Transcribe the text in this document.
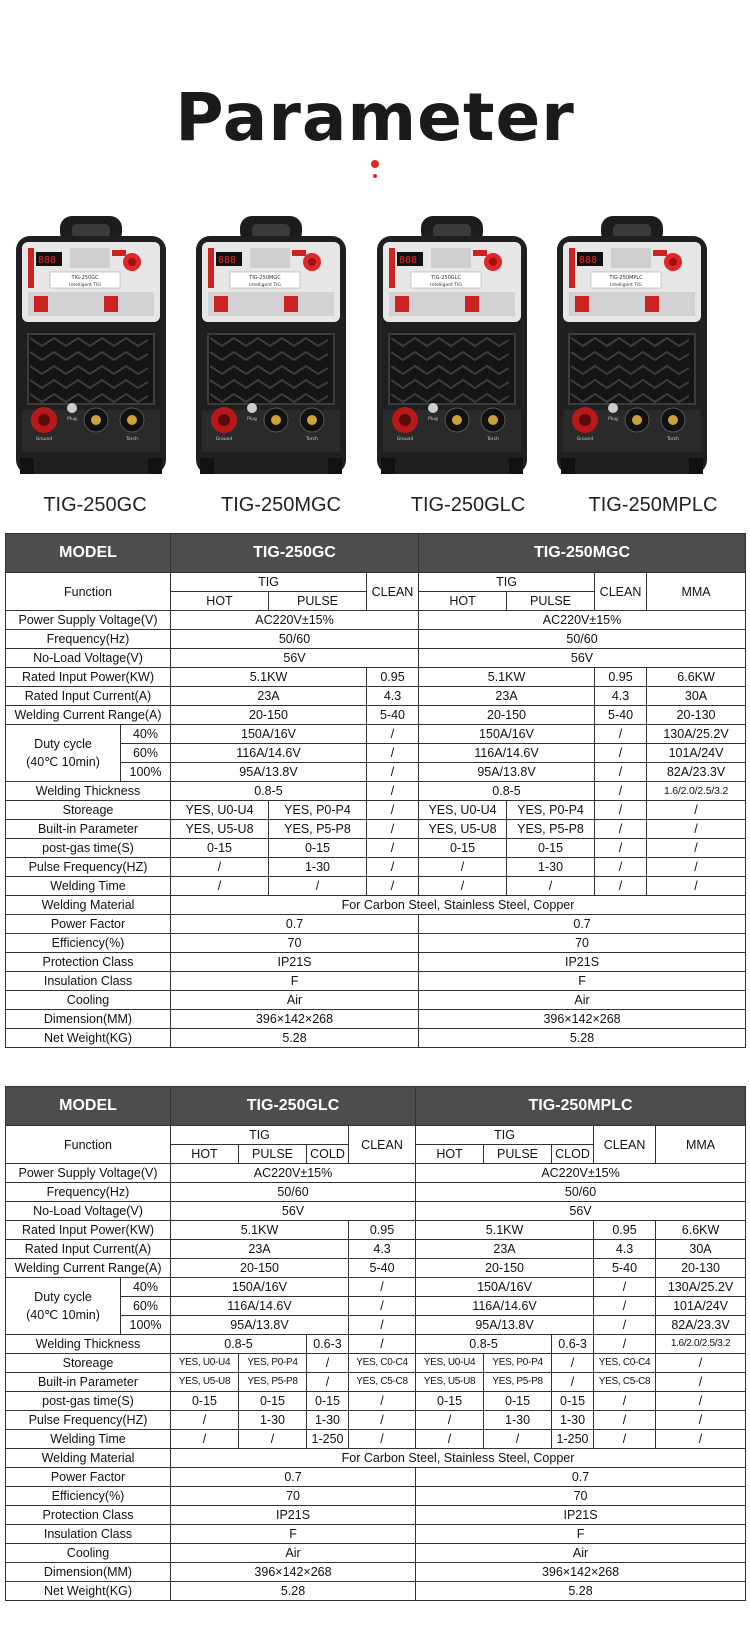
Parameter
888
TIG-250GC
Intelligent TIG
Ground
Plug
Torch
888
TIG-250MGC
Intelligent TIG
Ground
Plug
Torch
888
TIG-250GLC
Intelligent TIG
Ground
Plug
Torch
888
TIG-250MPLC
Intelligent TIG
Ground
Plug
Torch
TIG-250GC	TIG-250MGC	TIG-250GLC	TIG-250MPLC
MODEL		TIG-250GC			TIG-250MGC			
Function		TIG		CLEAN	TIG		CLEAN	MMA
		HOT	PULSE		HOT	PULSE		
Power Supply Voltage(V)		AC220V±15%			AC220V±15%			
Frequency(Hz)		50/60			50/60			
No-Load Voltage(V)		56V			56V			
Rated Input Power(KW)		5.1KW		0.95	5.1KW		0.95	6.6KW
Rated Input Current(A)		23A		4.3	23A		4.3	30A
Welding Current Range(A)		20-150		5-40	20-150		5-40	20-130
Duty cycle
(40℃ 10min)	40%	150A/16V		/	150A/16V		/	130A/25.2V
	60%	116A/14.6V		/	116A/14.6V		/	101A/24V
	100%	95A/13.8V		/	95A/13.8V		/	82A/23.3V
Welding Thickness		0.8-5		/	0.8-5		/	1.6/2.0/2.5/3.2
Storeage		YES, U0-U4	YES, P0-P4	/	YES, U0-U4	YES, P0-P4	/	/
Built-in Parameter		YES, U5-U8	YES, P5-P8	/	YES, U5-U8	YES, P5-P8	/	/
post-gas time(S)		0-15	0-15	/	0-15	0-15	/	/
Pulse Frequency(HZ)		/	1-30	/	/	1-30	/	/
Welding Time		/	/	/	/	/	/	/
Welding Material		For Carbon Steel, Stainless Steel, Copper						
Power Factor		0.7			0.7			
Efficiency(%)		70			70			
Protection Class		IP21S			IP21S			
Insulation Class		F			F			
Cooling		Air			Air			
Dimension(MM)		396×142×268			396×142×268			
Net Weight(KG)		5.28			5.28			
MODEL		TIG-250GLC				TIG-250MPLC				
Function		TIG			CLEAN	TIG			CLEAN	MMA
		HOT	PULSE	COLD		HOT	PULSE	CLOD		
Power Supply Voltage(V)		AC220V±15%				AC220V±15%				
Frequency(Hz)		50/60				50/60				
No-Load Voltage(V)		56V				56V				
Rated Input Power(KW)		5.1KW			0.95	5.1KW			0.95	6.6KW
Rated Input Current(A)		23A			4.3	23A			4.3	30A
Welding Current Range(A)		20-150			5-40	20-150			5-40	20-130
Duty cycle
(40℃ 10min)	40%	150A/16V			/	150A/16V			/	130A/25.2V
	60%	116A/14.6V			/	116A/14.6V			/	101A/24V
	100%	95A/13.8V			/	95A/13.8V			/	82A/23.3V
Welding Thickness		0.8-5		0.6-3	/	0.8-5		0.6-3	/	1.6/2.0/2.5/3.2
Storeage		YES, U0-U4	YES, P0-P4	/	YES, C0-C4	YES, U0-U4	YES, P0-P4	/	YES, C0-C4	/
Built-in Parameter		YES, U5-U8	YES, P5-P8	/	YES, C5-C8	YES, U5-U8	YES, P5-P8	/	YES, C5-C8	/
post-gas time(S)		0-15	0-15	0-15	/	0-15	0-15	0-15	/	/
Pulse Frequency(HZ)		/	1-30	1-30	/	/	1-30	1-30	/	/
Welding Time		/	/	1-250	/	/	/	1-250	/	/
Welding Material		For Carbon Steel, Stainless Steel, Copper								
Power Factor		0.7				0.7				
Efficiency(%)		70				70				
Protection Class		IP21S				IP21S				
Insulation Class		F				F				
Cooling		Air				Air				
Dimension(MM)		396×142×268				396×142×268				
Net Weight(KG)		5.28				5.28				
